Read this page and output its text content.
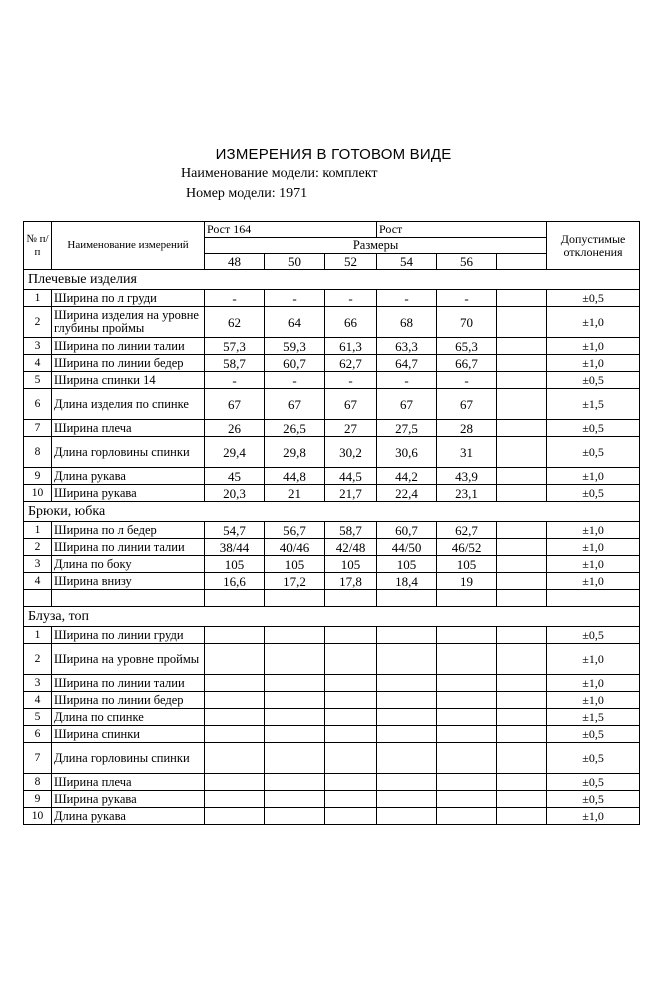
ИЗМЕРЕНИЯ В ГОТОВОМ ВИДЕ
Наименование модели: комплект
Номер модели: 1971
№ п/ п	Наименование измерений	Рост 164			Рост			Допустимые отклонения
		Размеры						
		48	50	52	54	56		
Плечевые изделия								
1	Ширина по л груди	-	-	-	-	-		±0,5
2	Ширина изделия на уровне глубины проймы	62	64	66	68	70		±1,0
3	Ширина по линии талии	57,3	59,3	61,3	63,3	65,3		±1,0
4	Ширина по линии бедер	58,7	60,7	62,7	64,7	66,7		±1,0
5	Ширина спинки 14	-	-	-	-	-		±0,5
6	Длина изделия по спинке	67	67	67	67	67		±1,5
7	Ширина плеча	26	26,5	27	27,5	28		±0,5
8	Длина горловины спинки	29,4	29,8	30,2	30,6	31		±0,5
9	Длина рукава	45	44,8	44,5	44,2	43,9		±1,0
10	Ширина рукава	20,3	21	21,7	22,4	23,1		±0,5
Брюки, юбка								
1	Ширина по л бедер	54,7	56,7	58,7	60,7	62,7		±1,0
2	Ширина по линии талии	38/44	40/46	42/48	44/50	46/52		±1,0
3	Длина по боку	105	105	105	105	105		±1,0
4	Ширина внизу	16,6	17,2	17,8	18,4	19		±1,0

Блуза, топ								
1	Ширина по линии груди							±0,5
2	Ширина на уровне проймы							±1,0
3	Ширина по линии талии							±1,0
4	Ширина по линии бедер							±1,0
5	Длина по спинке							±1,5
6	Ширина спинки							±0,5
7	Длина горловины спинки							±0,5
8	Ширина плеча							±0,5
9	Ширина рукава							±0,5
10	Длина рукава							±1,0
